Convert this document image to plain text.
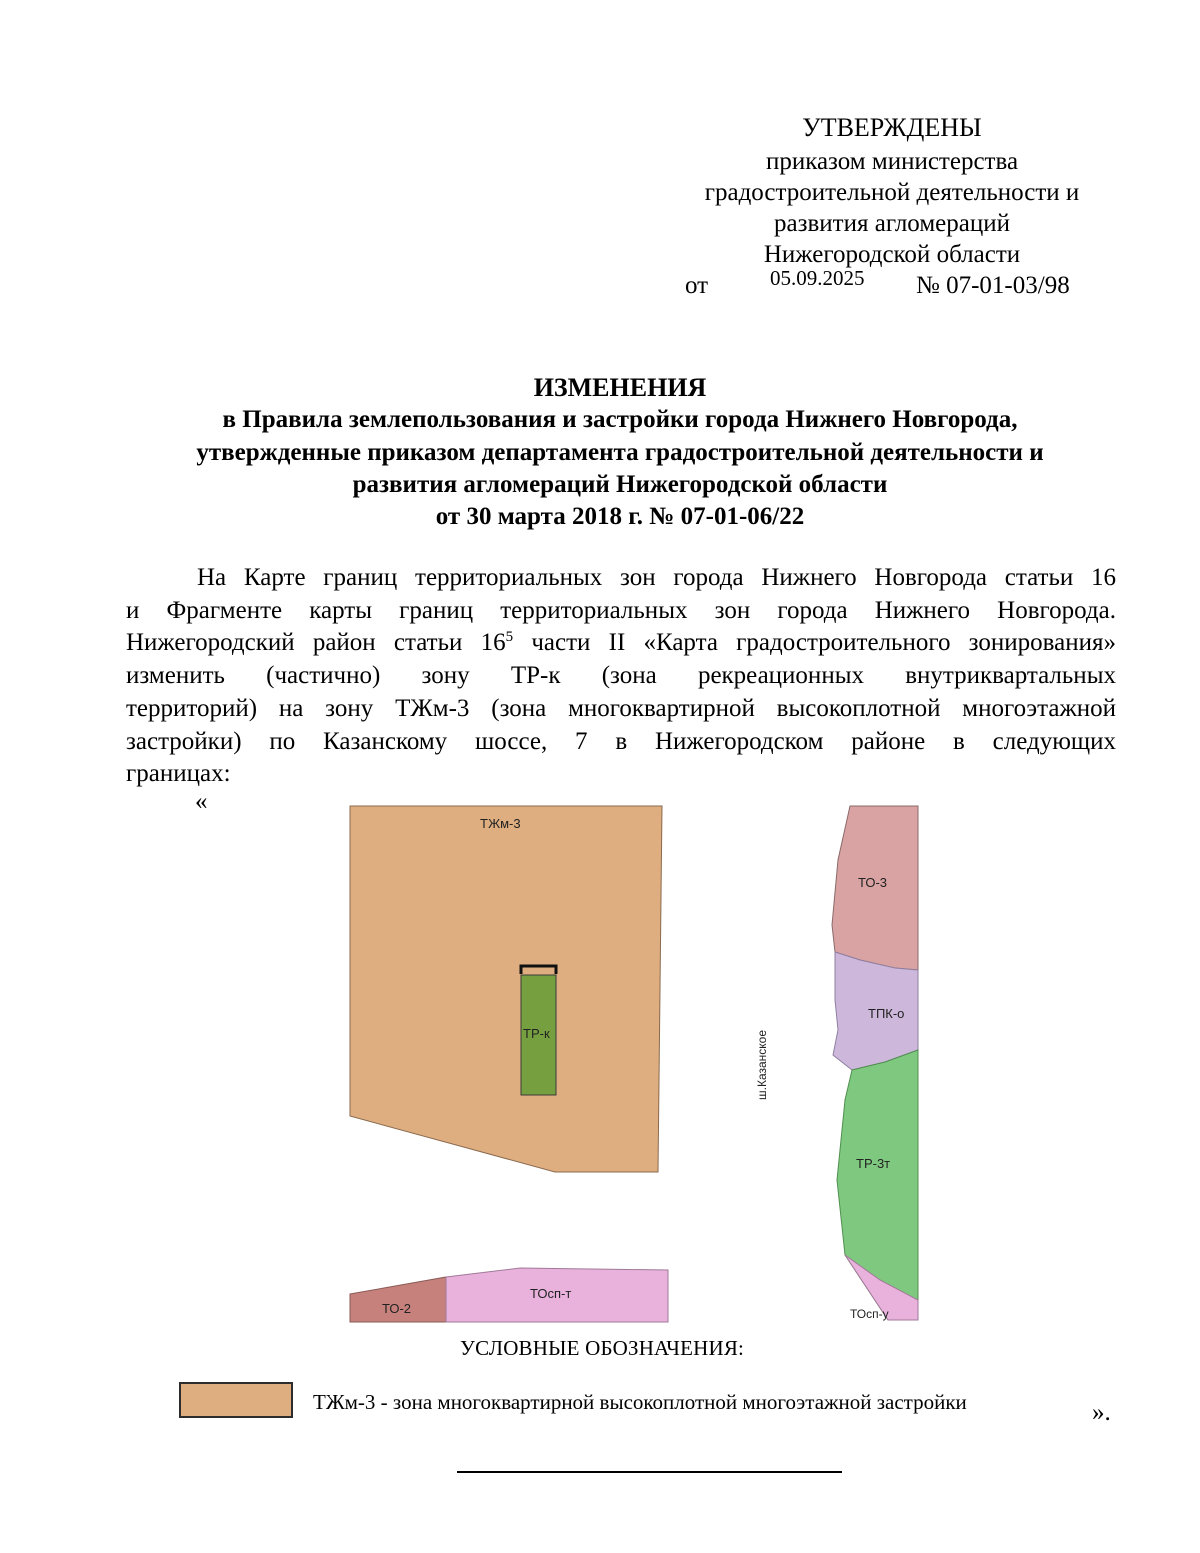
УТВЕРЖДЕНЫ
приказом министерства
градостроительной деятельности и
развития агломераций
Нижегородской области
от	05.09.2025 № 07-01-03/98
ИЗМЕНЕНИЯ
в Правила землепользования и застройки города Нижнего Новгорода,
утвержденные приказом департамента градостроительной деятельности и
развития агломераций Нижегородской области
от 30 марта 2018 г. № 07-01-06/22
На Карте границ территориальных зон города Нижнего Новгорода статьи 16
и Фрагменте карты границ территориальных зон города Нижнего Новгорода.
Нижегородский район статьи $16^5$ части II «Карта градостроительного зонирования»
изменить (частично) зону ТР-к (зона рекреационных внутриквартальных
территорий) на зону ТЖм-3 (зона многоквартирной высокоплотной многоэтажной
застройки) по Казанскому шоссе, 7 в Нижегородском районе в следующих
границах:
«
ТЖм-3
ТР-к
ТО-3
ТПК-о
ТР-3т
ТО-2
ТОсп-т
ТОсп-у
ш.Казанское
УСЛОВНЫЕ ОБОЗНАЧЕНИЯ:
ТЖм-3 - зона многоквартирной высокоплотной многоэтажной застройки	».
